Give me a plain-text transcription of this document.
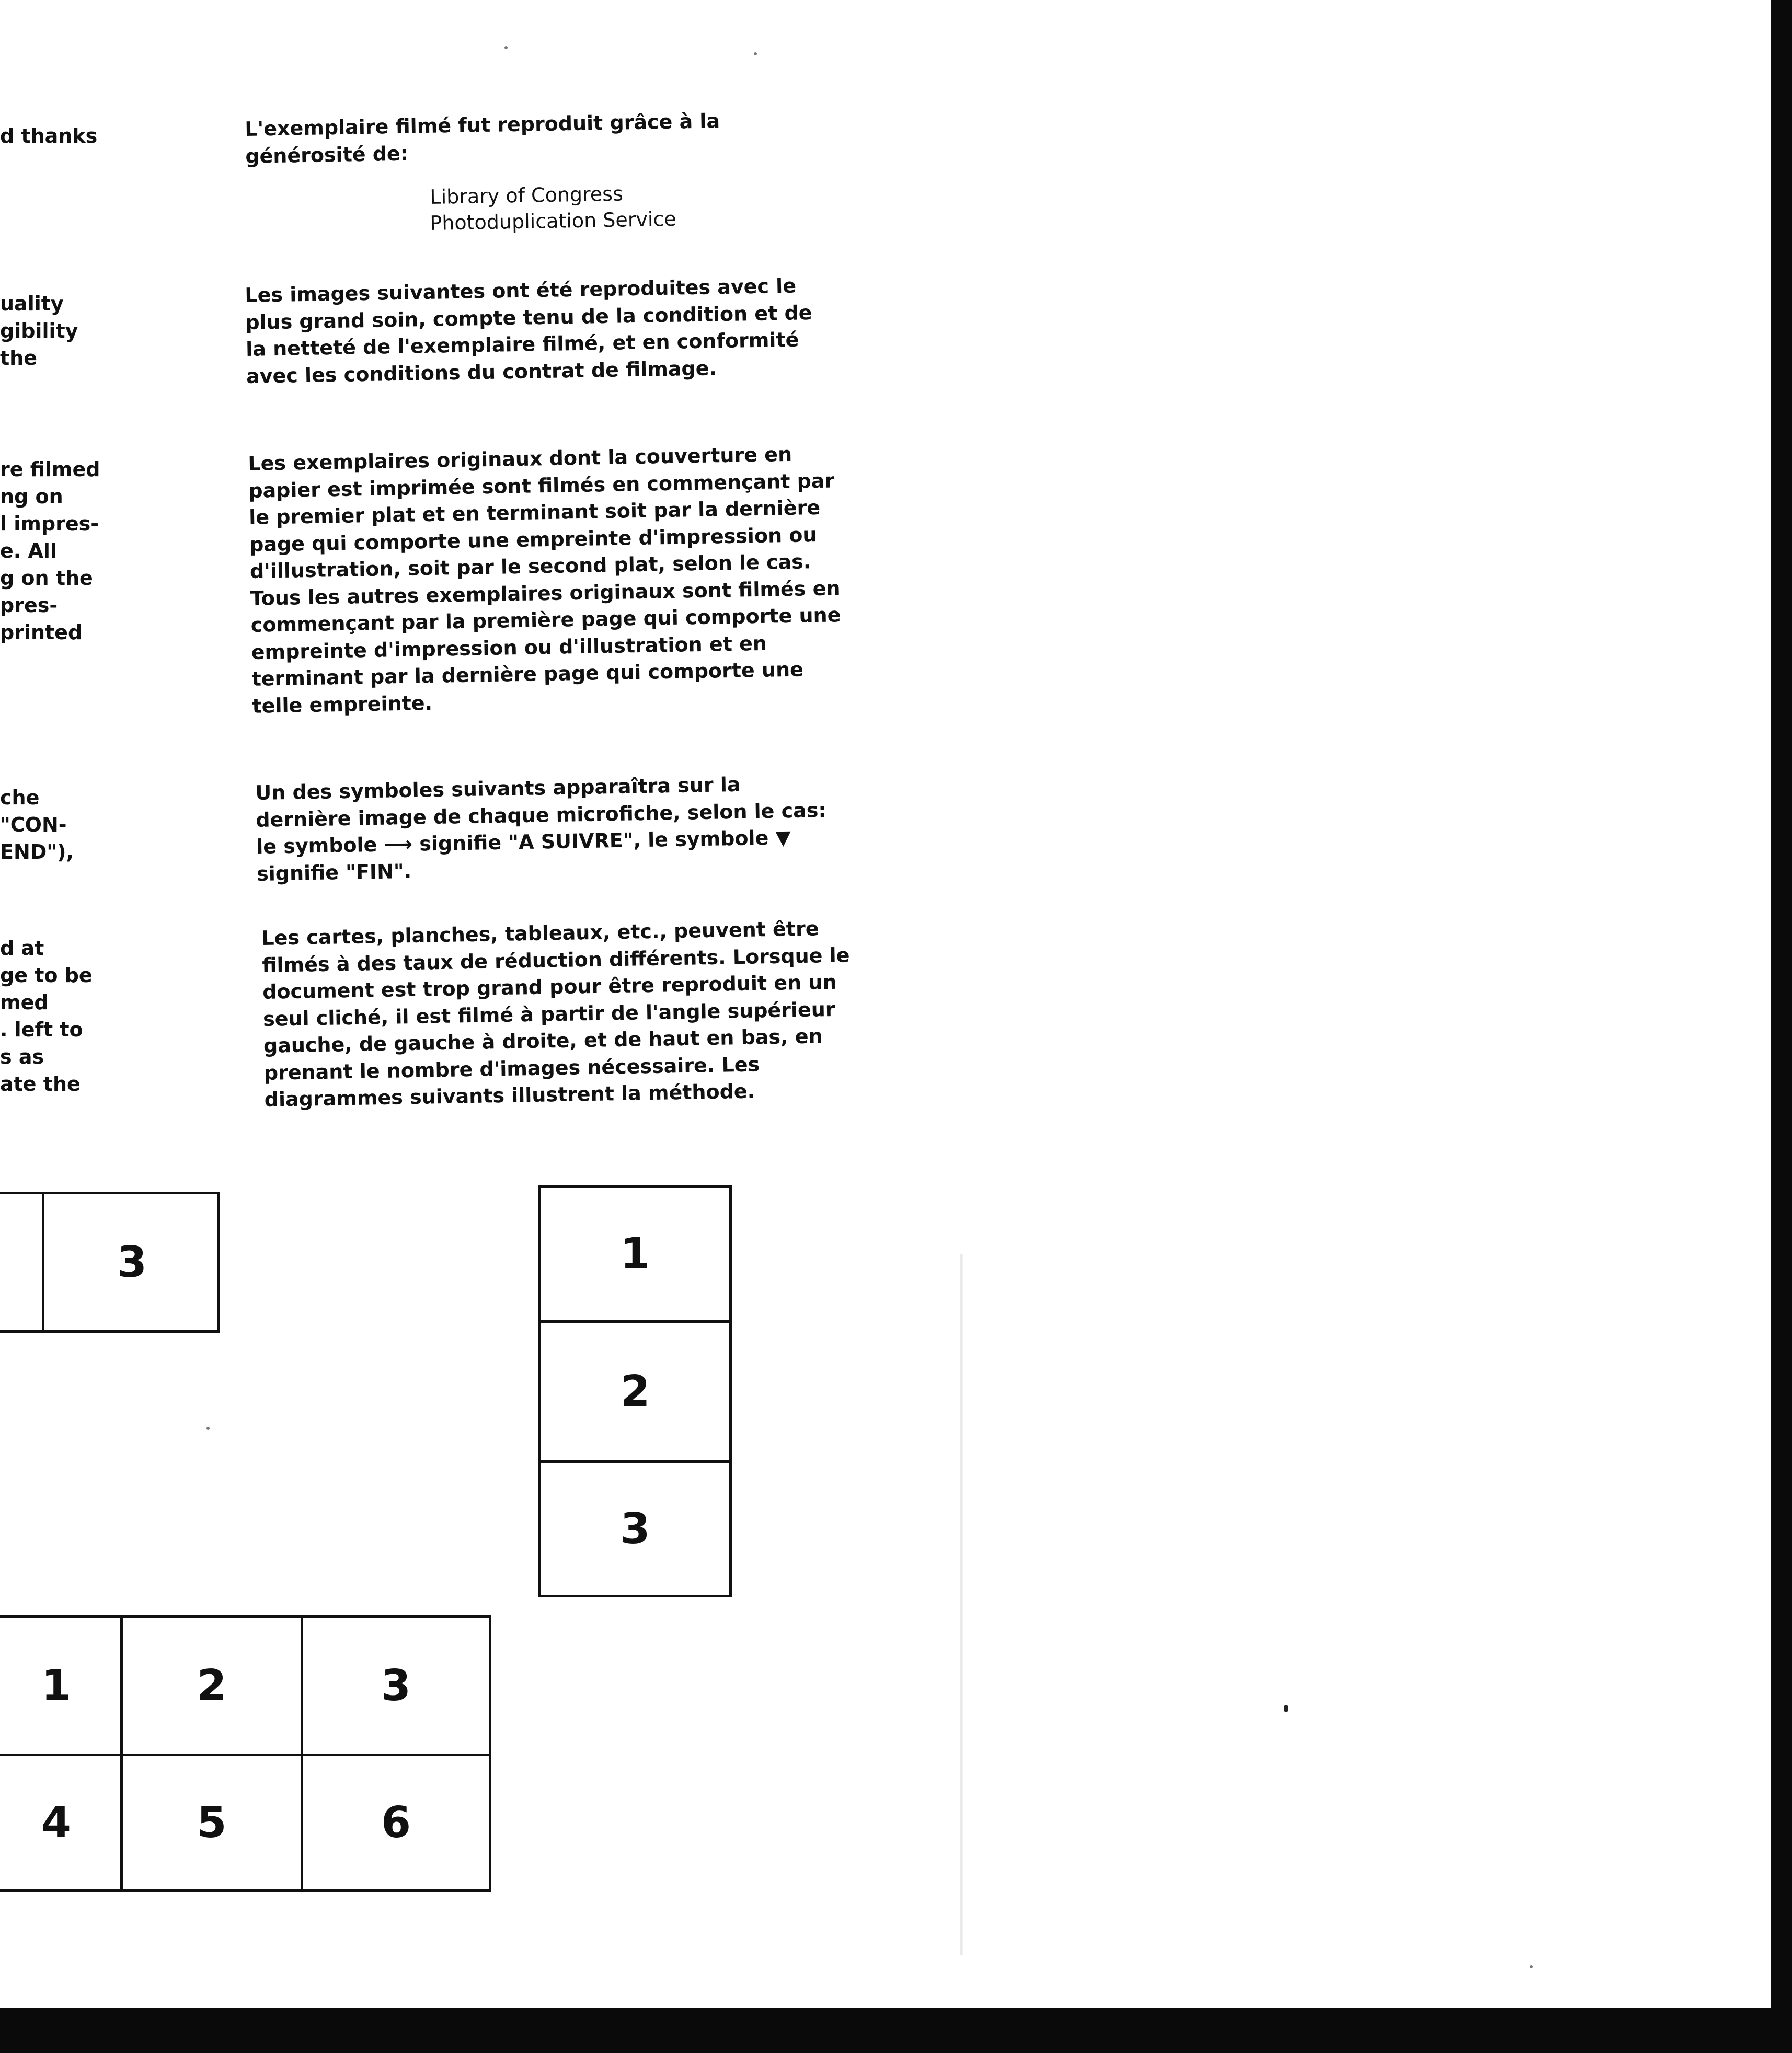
d thanks
uality
gibility
the
re filmed
ng on
l impres-
e. All
g on the
pres-
printed
che
"CON-
END"),
d at
ge to be
med
. left to
s as
ate the

L'exemplaire filmé fut reproduit grâce à la générosité de:

Library of Congress
Photoduplication Service

Les images suivantes ont été reproduites avec le plus grand soin, compte tenu de la condition et de la netteté de l'exemplaire filmé, et en conformité avec les conditions du contrat de filmage.

Les exemplaires originaux dont la couverture en papier est imprimée sont filmés en commençant par le premier plat et en terminant soit par la dernière page qui comporte une empreinte d'impression ou d'illustration, soit par le second plat, selon le cas. Tous les autres exemplaires originaux sont filmés en commençant par la première page qui comporte une empreinte d'impression ou d'illustration et en terminant par la dernière page qui comporte une telle empreinte.

Un des symboles suivants apparaîtra sur la dernière image de chaque microfiche, selon le cas: le symbole ⟶ signifie "A SUIVRE", le symbole ▼ signifie "FIN".

Les cartes, planches, tableaux, etc., peuvent être filmés à des taux de réduction différents. Lorsque le document est trop grand pour être reproduit en un seul cliché, il est filmé à partir de l'angle supérieur gauche, de gauche à droite, et de haut en bas, en prenant le nombre d'images nécessaire. Les diagrammes suivants illustrent la méthode.

3	1
2
3
1	2	3
4	5	6
